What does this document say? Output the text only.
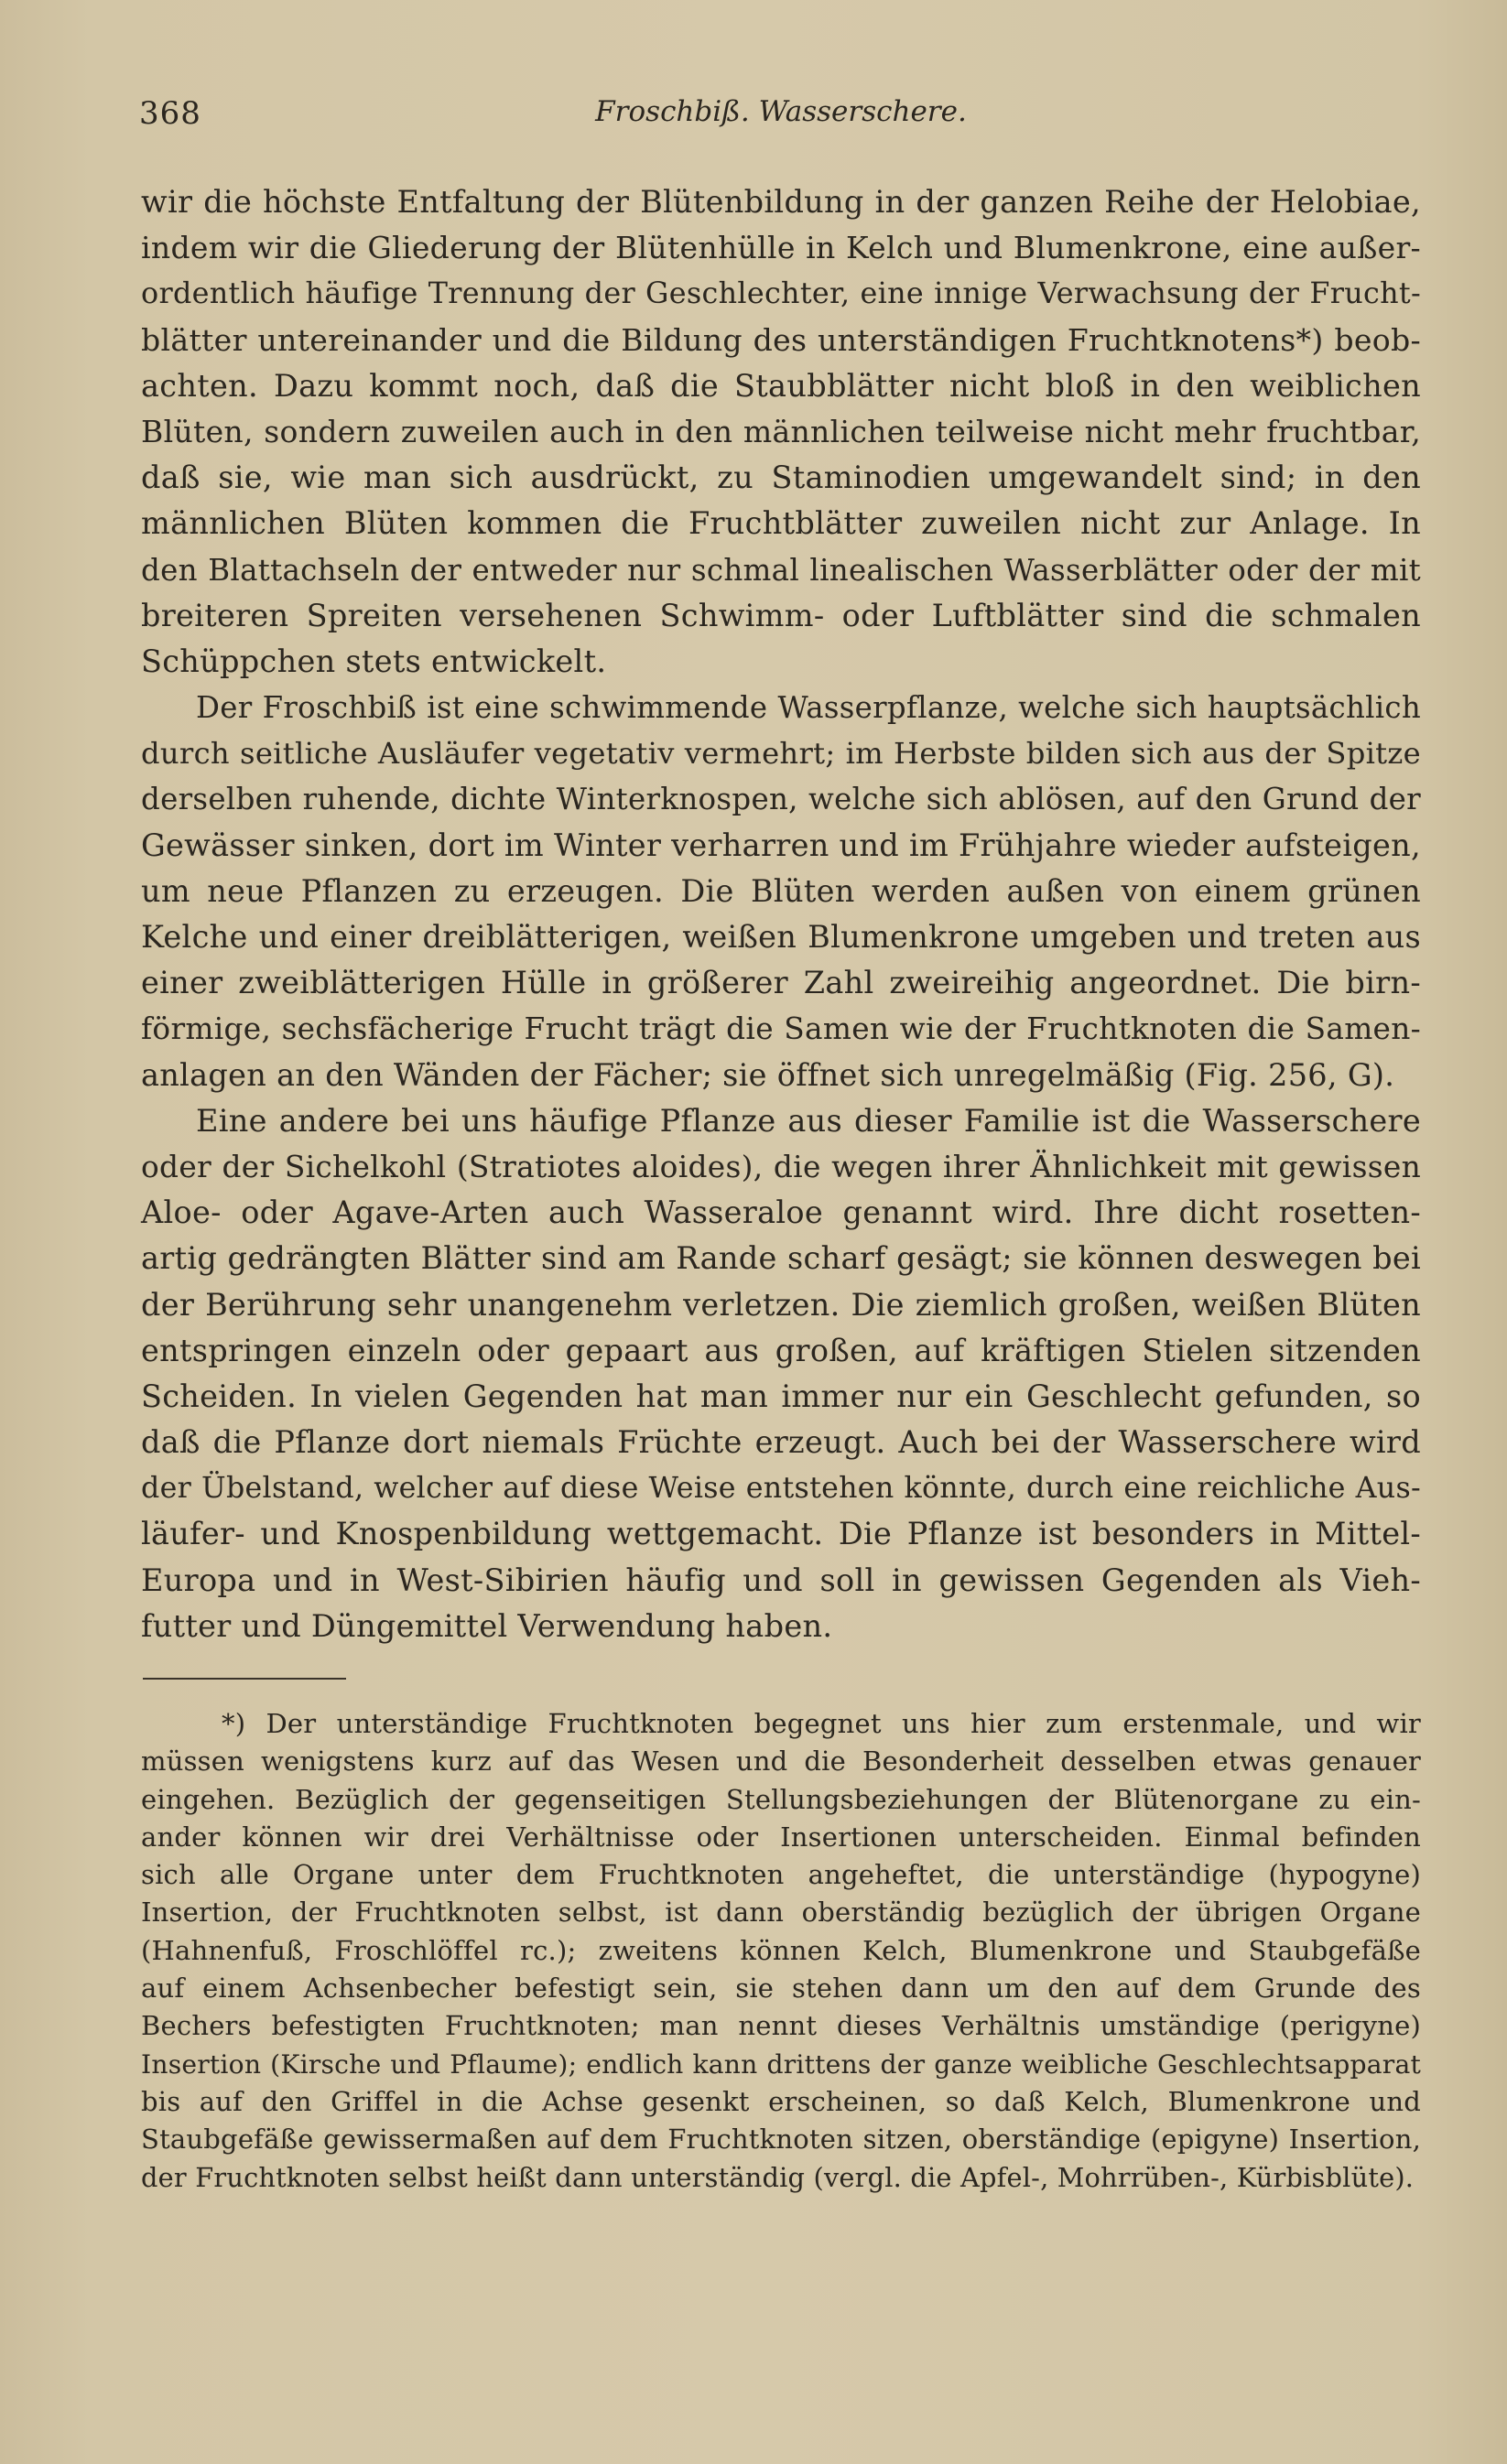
368	Froschbiß. Wasserschere.
wir die höchste Entfaltung der Blütenbildung in der ganzen Reihe der Helobiae,
indem wir die Gliederung der Blütenhülle in Kelch und Blumenkrone, eine außer-
ordentlich häufige Trennung der Geschlechter, eine innige Verwachsung der Frucht-
blätter untereinander und die Bildung des unterständigen Fruchtknotens*) beob-
achten. Dazu kommt noch, daß die Staubblätter nicht bloß in den weiblichen
Blüten, sondern zuweilen auch in den männlichen teilweise nicht mehr fruchtbar,
daß sie, wie man sich ausdrückt, zu Staminodien umgewandelt sind; in den
männlichen Blüten kommen die Fruchtblätter zuweilen nicht zur Anlage. In
den Blattachseln der entweder nur schmal linealischen Wasserblätter oder der mit
breiteren Spreiten versehenen Schwimm- oder Luftblätter sind die schmalen
Schüppchen stets entwickelt.
Der Froschbiß ist eine schwimmende Wasserpflanze, welche sich hauptsächlich
durch seitliche Ausläufer vegetativ vermehrt; im Herbste bilden sich aus der Spitze
derselben ruhende, dichte Winterknospen, welche sich ablösen, auf den Grund der
Gewässer sinken, dort im Winter verharren und im Frühjahre wieder aufsteigen,
um neue Pflanzen zu erzeugen. Die Blüten werden außen von einem grünen
Kelche und einer dreiblätterigen, weißen Blumenkrone umgeben und treten aus
einer zweiblätterigen Hülle in größerer Zahl zweireihig angeordnet. Die birn-
förmige, sechsfächerige Frucht trägt die Samen wie der Fruchtknoten die Samen-
anlagen an den Wänden der Fächer; sie öffnet sich unregelmäßig (Fig. 256, G).
Eine andere bei uns häufige Pflanze aus dieser Familie ist die Wasserschere
oder der Sichelkohl (Stratiotes aloides), die wegen ihrer Ähnlichkeit mit gewissen
Aloe- oder Agave-Arten auch Wasseraloe genannt wird. Ihre dicht rosetten-
artig gedrängten Blätter sind am Rande scharf gesägt; sie können deswegen bei
der Berührung sehr unangenehm verletzen. Die ziemlich großen, weißen Blüten
entspringen einzeln oder gepaart aus großen, auf kräftigen Stielen sitzenden
Scheiden. In vielen Gegenden hat man immer nur ein Geschlecht gefunden, so
daß die Pflanze dort niemals Früchte erzeugt. Auch bei der Wasserschere wird
der Übelstand, welcher auf diese Weise entstehen könnte, durch eine reichliche Aus-
läufer- und Knospenbildung wettgemacht. Die Pflanze ist besonders in Mittel-
Europa und in West-Sibirien häufig und soll in gewissen Gegenden als Vieh-
futter und Düngemittel Verwendung haben.
*) Der unterständige Fruchtknoten begegnet uns hier zum erstenmale, und wir
müssen wenigstens kurz auf das Wesen und die Besonderheit desselben etwas genauer
eingehen. Bezüglich der gegenseitigen Stellungsbeziehungen der Blütenorgane zu ein-
ander können wir drei Verhältnisse oder Insertionen unterscheiden. Einmal befinden
sich alle Organe unter dem Fruchtknoten angeheftet, die unterständige (hypogyne)
Insertion, der Fruchtknoten selbst, ist dann oberständig bezüglich der übrigen Organe
(Hahnenfuß, Froschlöffel rc.); zweitens können Kelch, Blumenkrone und Staubgefäße
auf einem Achsenbecher befestigt sein, sie stehen dann um den auf dem Grunde des
Bechers befestigten Fruchtknoten; man nennt dieses Verhältnis umständige (perigyne)
Insertion (Kirsche und Pflaume); endlich kann drittens der ganze weibliche Geschlechtsapparat
bis auf den Griffel in die Achse gesenkt erscheinen, so daß Kelch, Blumenkrone und
Staubgefäße gewissermaßen auf dem Fruchtknoten sitzen, oberständige (epigyne) Insertion,
der Fruchtknoten selbst heißt dann unterständig (vergl. die Apfel-, Mohrrüben-, Kürbisblüte).
